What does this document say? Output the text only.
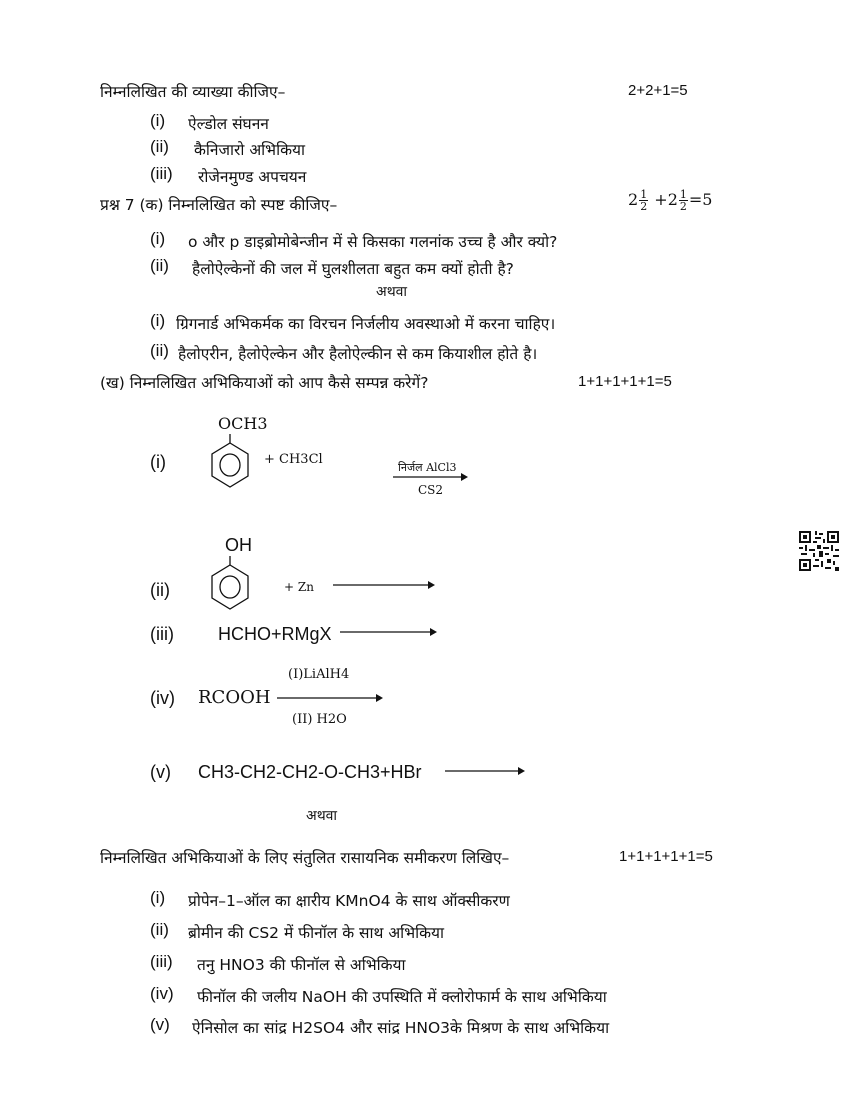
निम्नलिखित की व्याख्या कीजिए–	2+2+1=5
(i) ऐल्डोल संघनन
(ii) कैनिजारो अभिकिया
(iii) रोजेनमुण्ड अपचयन
प्रश्न 7 (क) निम्नलिखित को स्पष्ट कीजिए–	$2 \frac{1}{2} +2 \frac{1}{2} =5$
(i) o और p डाइब्रोमोबेन्जीन में से किसका गलनांक उच्च है और क्यो?
(ii) हैलोऐल्केनों की जल में घुलशीलता बहुत कम क्यों होती है?
अथवा
(i) ग्रिगनार्ड अभिकर्मक का विरचन निर्जलीय अवस्थाओ में करना चाहिए।
(ii) हैलोएरीन, हैलोऐल्केन और हैलोऐल्कीन से कम कियाशील होते है।
(ख) निम्नलिखित अभिकियाओं को आप कैसे सम्पन्न करेगें?	1+1+1+1+1=5
(i)
OCH3
+ CH3Cl
निर्जल AlCl3
CS2
(ii)
OH
+ Zn
(iii) HCHO+RMgX
(iv) RCOOH
(I)LiAlH4
(II) H2O
(v) CH3-CH2-CH2-O-CH3+HBr
अथवा
निम्नलिखित अभिकियाओं के लिए संतुलित रासायनिक समीकरण लिखिए–	1+1+1+1+1=5
(i) प्रोपेन–1–ऑल का क्षारीय KMnO4 के साथ ऑक्सीकरण
(ii) ब्रोमीन की CS2 में फीनॉल के साथ अभिकिया
(iii) तनु HNO3 की फीनॉल से अभिकिया
(iv) फीनॉल की जलीय NaOH की उपस्थिति में क्लोरोफार्म के साथ अभिकिया
(v) ऐनिसोल का सांद्र H2SO4 और सांद्र HNO3के मिश्रण के साथ अभिकिया
